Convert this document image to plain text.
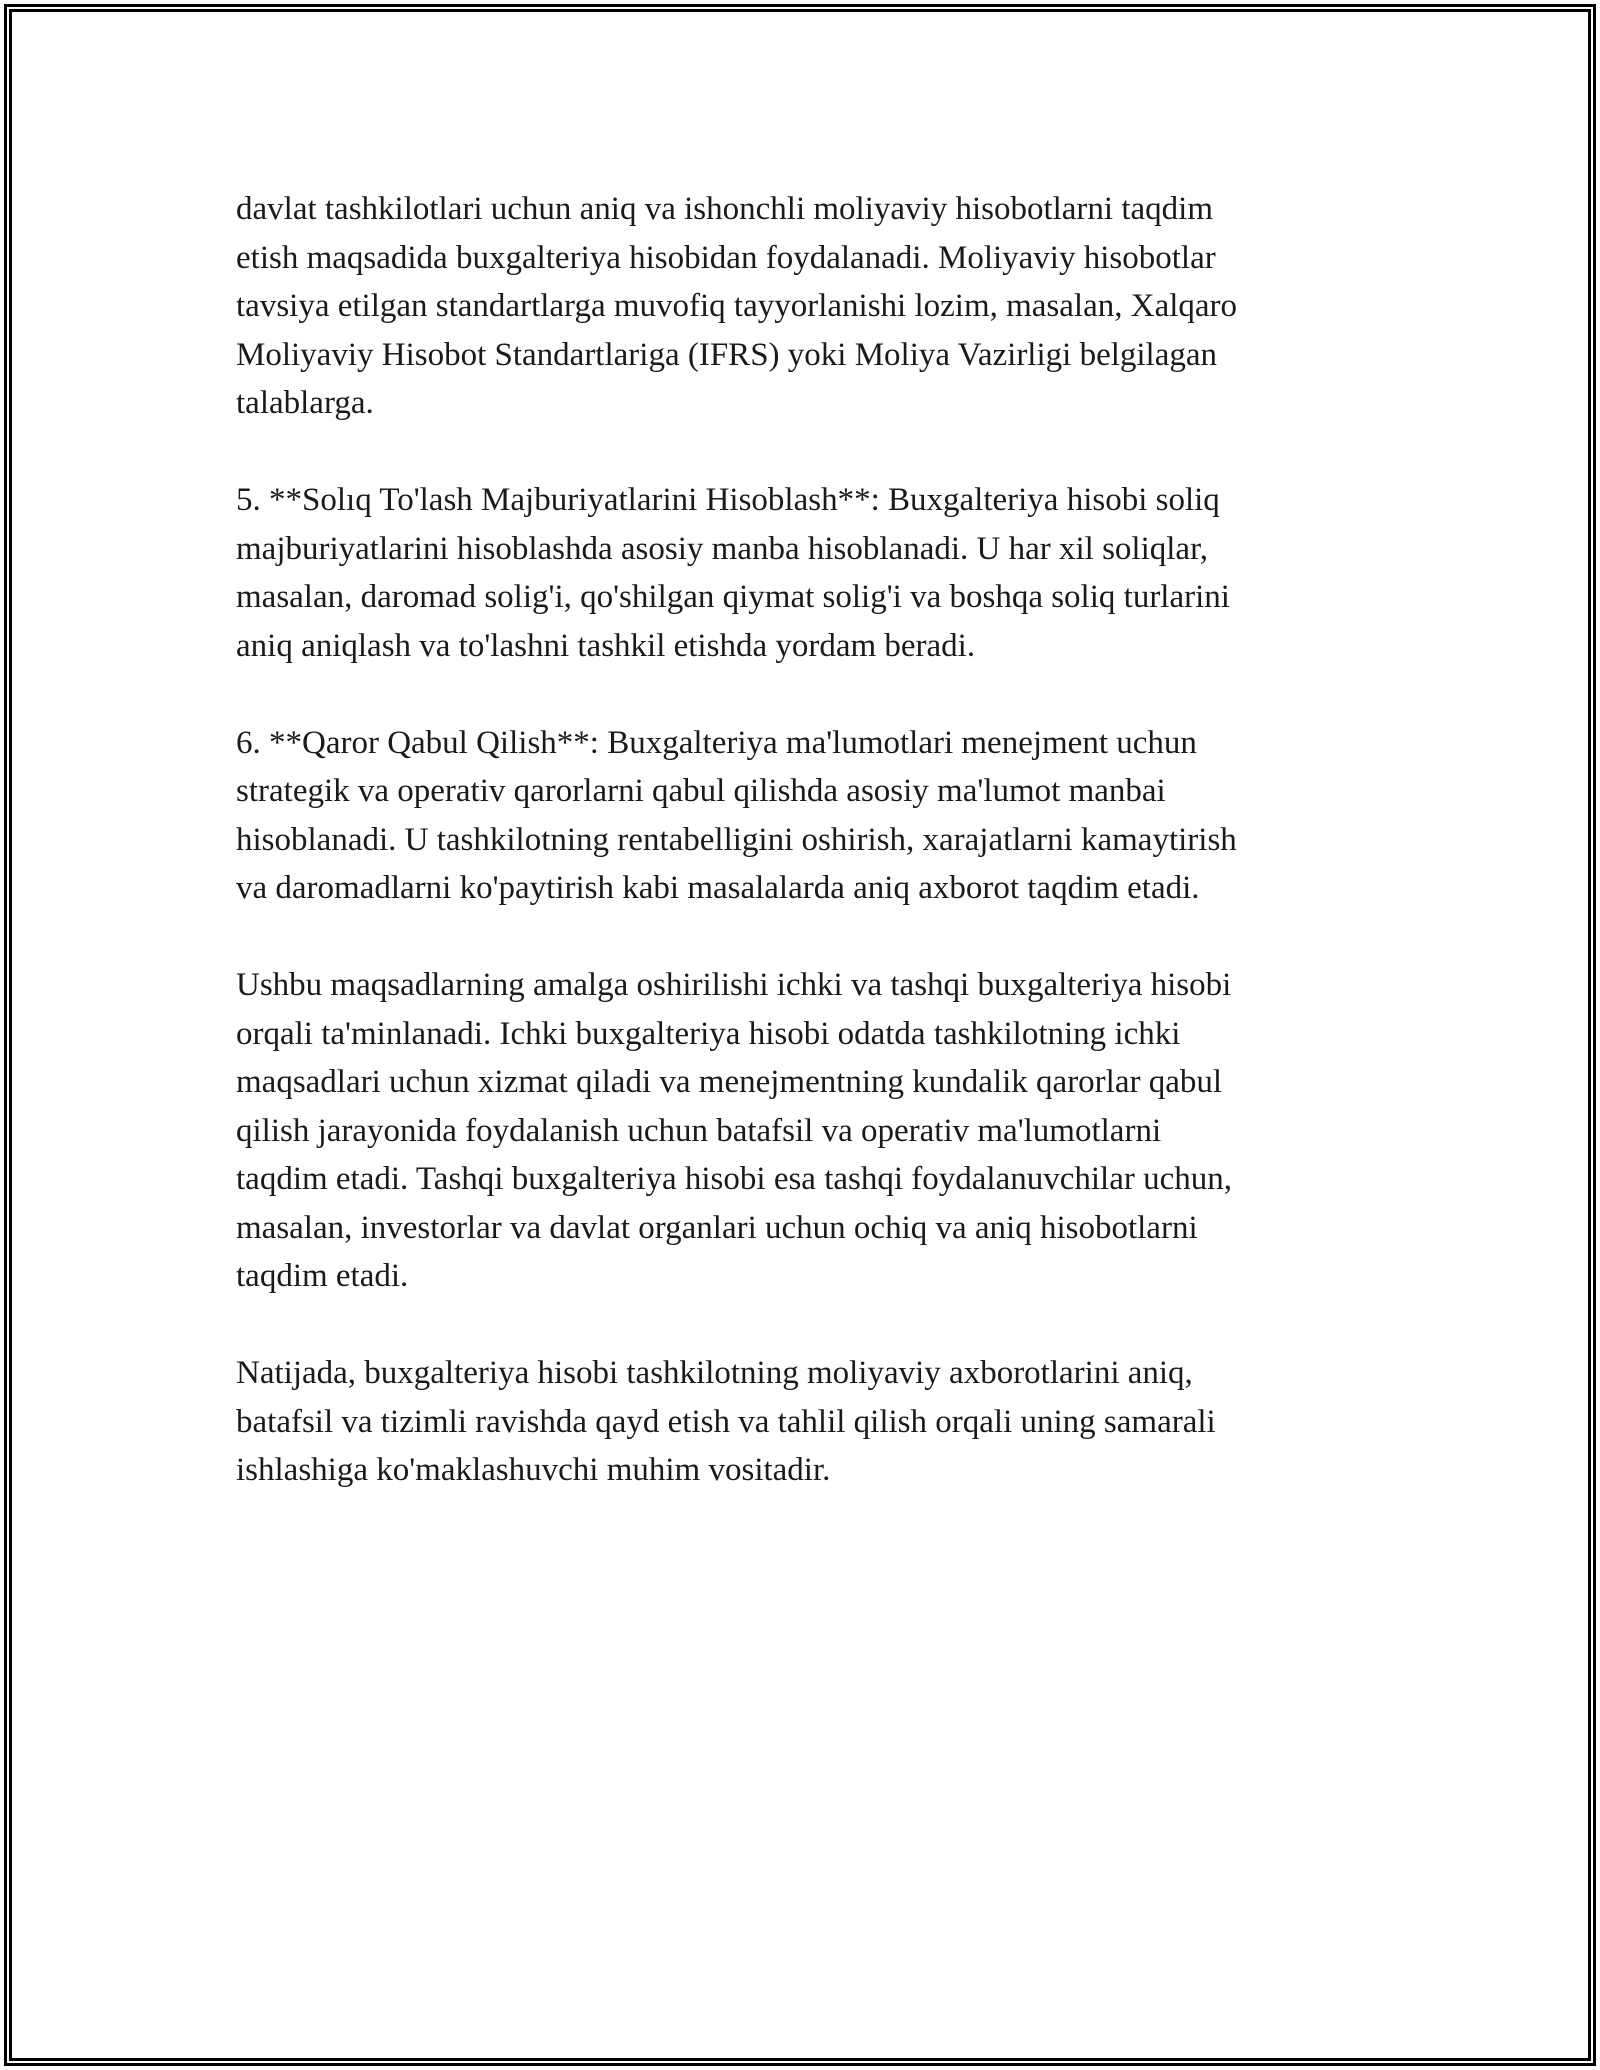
davlat tashkilotlari uchun aniq va ishonchli moliyaviy hisobotlarni taqdim
etish maqsadida buxgalteriya hisobidan foydalanadi. Moliyaviy hisobotlar
tavsiya etilgan standartlarga muvofiq tayyorlanishi lozim, masalan, Xalqaro
Moliyaviy Hisobot Standartlariga (IFRS) yoki Moliya Vazirligi belgilagan
talablarga.

5. **Solıq To'lash Majburiyatlarini Hisoblash**: Buxgalteriya hisobi soliq
majburiyatlarini hisoblashda asosiy manba hisoblanadi. U har xil soliqlar,
masalan, daromad solig'i, qo'shilgan qiymat solig'i va boshqa soliq turlarini
aniq aniqlash va to'lashni tashkil etishda yordam beradi.

6. **Qaror Qabul Qilish**: Buxgalteriya ma'lumotlari menejment uchun
strategik va operativ qarorlarni qabul qilishda asosiy ma'lumot manbai
hisoblanadi. U tashkilotning rentabelligini oshirish, xarajatlarni kamaytirish
va daromadlarni ko'paytirish kabi masalalarda aniq axborot taqdim etadi.

Ushbu maqsadlarning amalga oshirilishi ichki va tashqi buxgalteriya hisobi
orqali ta'minlanadi. Ichki buxgalteriya hisobi odatda tashkilotning ichki
maqsadlari uchun xizmat qiladi va menejmentning kundalik qarorlar qabul
qilish jarayonida foydalanish uchun batafsil va operativ ma'lumotlarni
taqdim etadi. Tashqi buxgalteriya hisobi esa tashqi foydalanuvchilar uchun,
masalan, investorlar va davlat organlari uchun ochiq va aniq hisobotlarni
taqdim etadi.

Natijada, buxgalteriya hisobi tashkilotning moliyaviy axborotlarini aniq,
batafsil va tizimli ravishda qayd etish va tahlil qilish orqali uning samarali
ishlashiga ko'maklashuvchi muhim vositadir.
